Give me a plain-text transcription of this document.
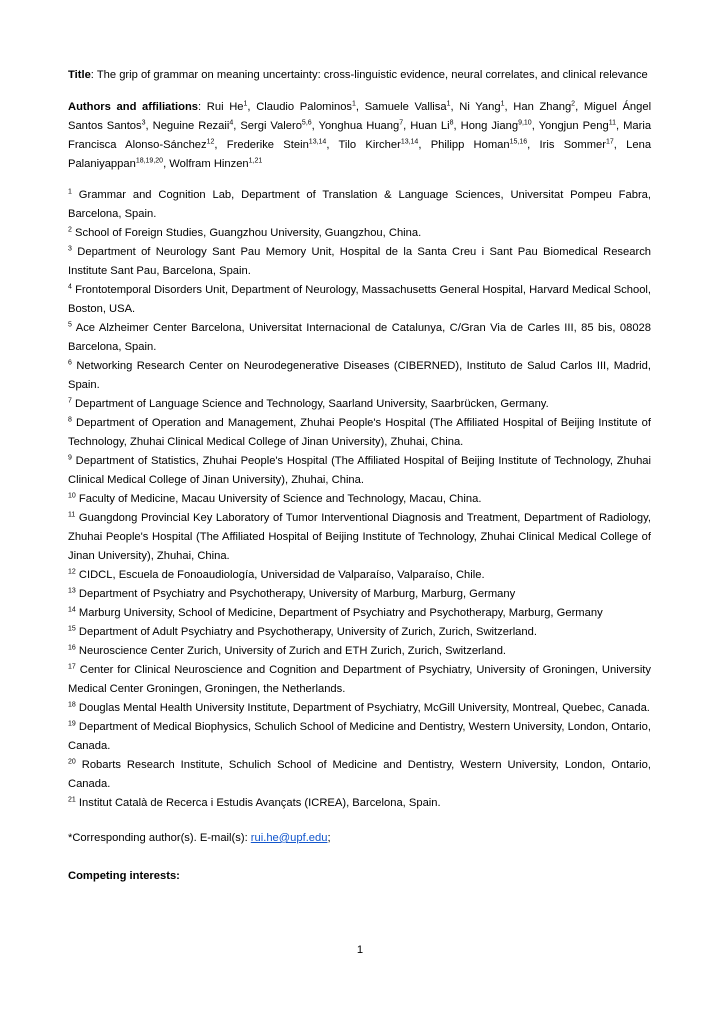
Title: The grip of grammar on meaning uncertainty: cross-linguistic evidence, neural correlates, and clinical relevance

Authors and affiliations: Rui He$^1$, Claudio Palominos$^1$, Samuele Vallisa$^1$, Ni Yang$^1$, Han Zhang$^2$, Miguel Ángel Santos Santos$^3$, Neguine Rezaii$^4$, Sergi Valero$^{5,6}$, Yonghua Huang$^7$, Huan Li$^8$, Hong Jiang$^{9,10}$, Yongjun Peng$^{11}$, Maria Francisca Alonso-Sánchez$^{12}$, Frederike Stein$^{13,14}$, Tilo Kircher$^{13,14}$, Philipp Homan$^{15,16}$, Iris Sommer$^{17}$, Lena Palaniyappan$^{18,19,20}$, Wolfram Hinzen$^{1,21}$

$^1$ Grammar and Cognition Lab, Department of Translation & Language Sciences, Universitat Pompeu Fabra, Barcelona, Spain.

$^2$ School of Foreign Studies, Guangzhou University, Guangzhou, China.

$^3$ Department of Neurology Sant Pau Memory Unit, Hospital de la Santa Creu i Sant Pau Biomedical Research Institute Sant Pau, Barcelona, Spain.

$^4$ Frontotemporal Disorders Unit, Department of Neurology, Massachusetts General Hospital, Harvard Medical School, Boston, USA.

$^5$ Ace Alzheimer Center Barcelona, Universitat Internacional de Catalunya, C/Gran Via de Carles III, 85 bis, 08028 Barcelona, Spain.

$^6$ Networking Research Center on Neurodegenerative Diseases (CIBERNED), Instituto de Salud Carlos III, Madrid, Spain.

$^7$ Department of Language Science and Technology, Saarland University, Saarbrücken, Germany.

$^8$ Department of Operation and Management, Zhuhai People's Hospital (The Affiliated Hospital of Beijing Institute of Technology, Zhuhai Clinical Medical College of Jinan University), Zhuhai, China.

$^9$ Department of Statistics, Zhuhai People's Hospital (The Affiliated Hospital of Beijing Institute of Technology, Zhuhai Clinical Medical College of Jinan University), Zhuhai, China.

$^{10}$ Faculty of Medicine, Macau University of Science and Technology, Macau, China.

$^{11}$ Guangdong Provincial Key Laboratory of Tumor Interventional Diagnosis and Treatment, Department of Radiology, Zhuhai People's Hospital (The Affiliated Hospital of Beijing Institute of Technology, Zhuhai Clinical Medical College of Jinan University), Zhuhai, China.

$^{12}$ CIDCL, Escuela de Fonoaudiología, Universidad de Valparaíso, Valparaíso, Chile.

$^{13}$ Department of Psychiatry and Psychotherapy, University of Marburg, Marburg, Germany

$^{14}$ Marburg University, School of Medicine, Department of Psychiatry and Psychotherapy, Marburg, Germany

$^{15}$ Department of Adult Psychiatry and Psychotherapy, University of Zurich, Zurich, Switzerland.

$^{16}$ Neuroscience Center Zurich, University of Zurich and ETH Zurich, Zurich, Switzerland.

$^{17}$ Center for Clinical Neuroscience and Cognition and Department of Psychiatry, University of Groningen, University Medical Center Groningen, Groningen, the Netherlands.

$^{18}$ Douglas Mental Health University Institute, Department of Psychiatry, McGill University, Montreal, Quebec, Canada.

$^{19}$ Department of Medical Biophysics, Schulich School of Medicine and Dentistry, Western University, London, Ontario, Canada.

$^{20}$ Robarts Research Institute, Schulich School of Medicine and Dentistry, Western University, London, Ontario, Canada.

$^{21}$ Institut Català de Recerca i Estudis Avançats (ICREA), Barcelona, Spain.

*Corresponding author(s). E-mail(s): rui.he@upf.edu;

Competing interests:

1
